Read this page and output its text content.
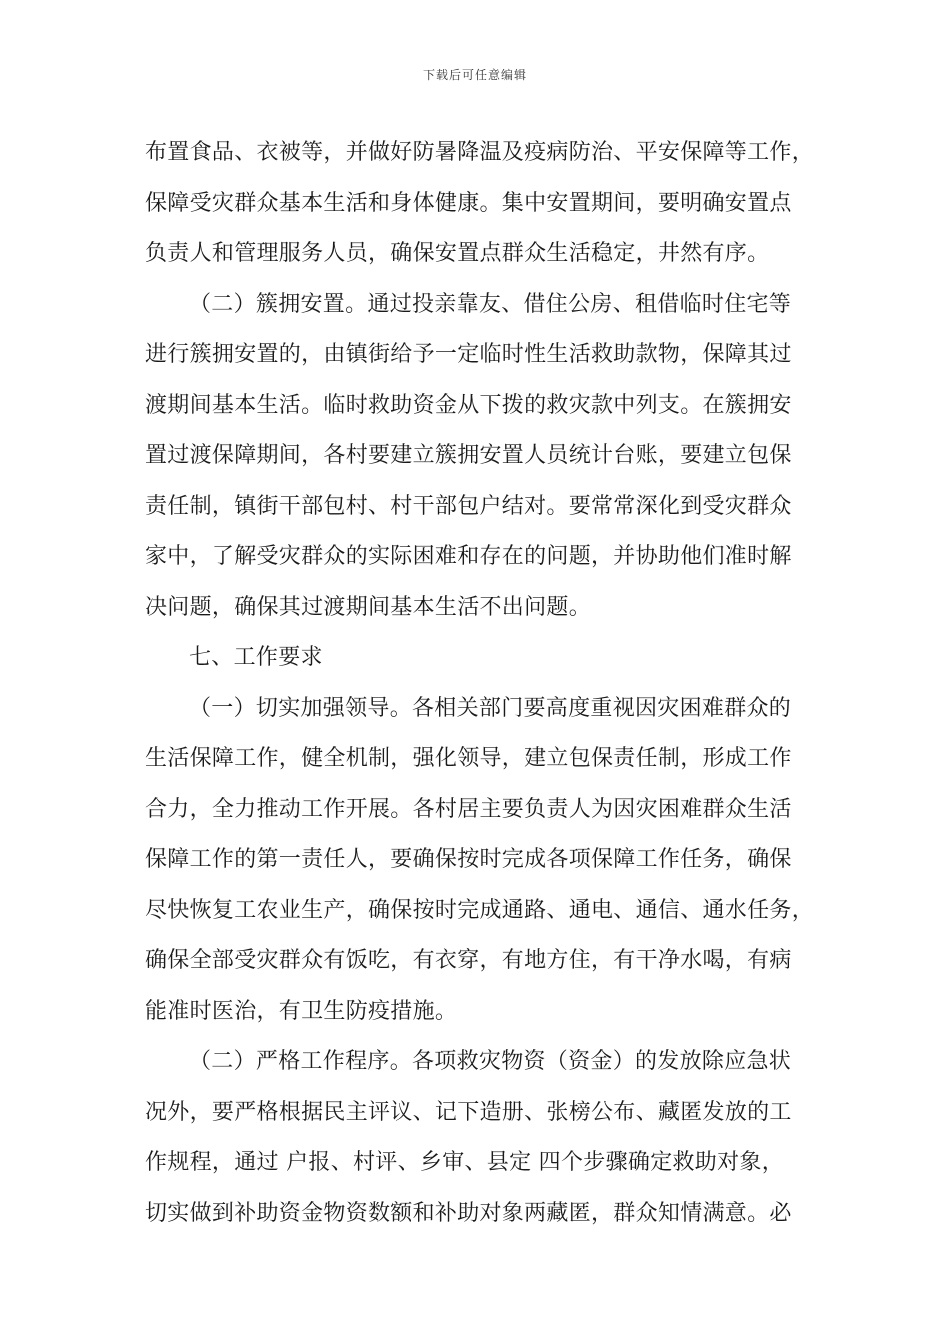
下载后可任意编辑
布置食品、衣被等，并做好防暑降温及疫病防治、平安保障等工作，
保障受灾群众基本生活和身体健康。集中安置期间，要明确安置点
负责人和管理服务人员，确保安置点群众生活稳定，井然有序。
（二）簇拥安置。通过投亲靠友、借住公房、租借临时住宅等
进行簇拥安置的，由镇街给予一定临时性生活救助款物，保障其过
渡期间基本生活。临时救助资金从下拨的救灾款中列支。在簇拥安
置过渡保障期间，各村要建立簇拥安置人员统计台账，要建立包保
责任制，镇街干部包村、村干部包户结对。要常常深化到受灾群众
家中，了解受灾群众的实际困难和存在的问题，并协助他们准时解
决问题，确保其过渡期间基本生活不出问题。
七、工作要求
（一）切实加强领导。各相关部门要高度重视因灾困难群众的
生活保障工作，健全机制，强化领导，建立包保责任制，形成工作
合力，全力推动工作开展。各村居主要负责人为因灾困难群众生活
保障工作的第一责任人，要确保按时完成各项保障工作任务，确保
尽快恢复工农业生产，确保按时完成通路、通电、通信、通水任务，
确保全部受灾群众有饭吃，有衣穿，有地方住，有干净水喝，有病
能准时医治，有卫生防疫措施。
（二）严格工作程序。各项救灾物资（资金）的发放除应急状
况外，要严格根据民主评议、记下造册、张榜公布、藏匿发放的工
作规程，通过 户报、村评、乡审、县定 四个步骤确定救助对象，
切实做到补助资金物资数额和补助对象两藏匿，群众知情满意。必
